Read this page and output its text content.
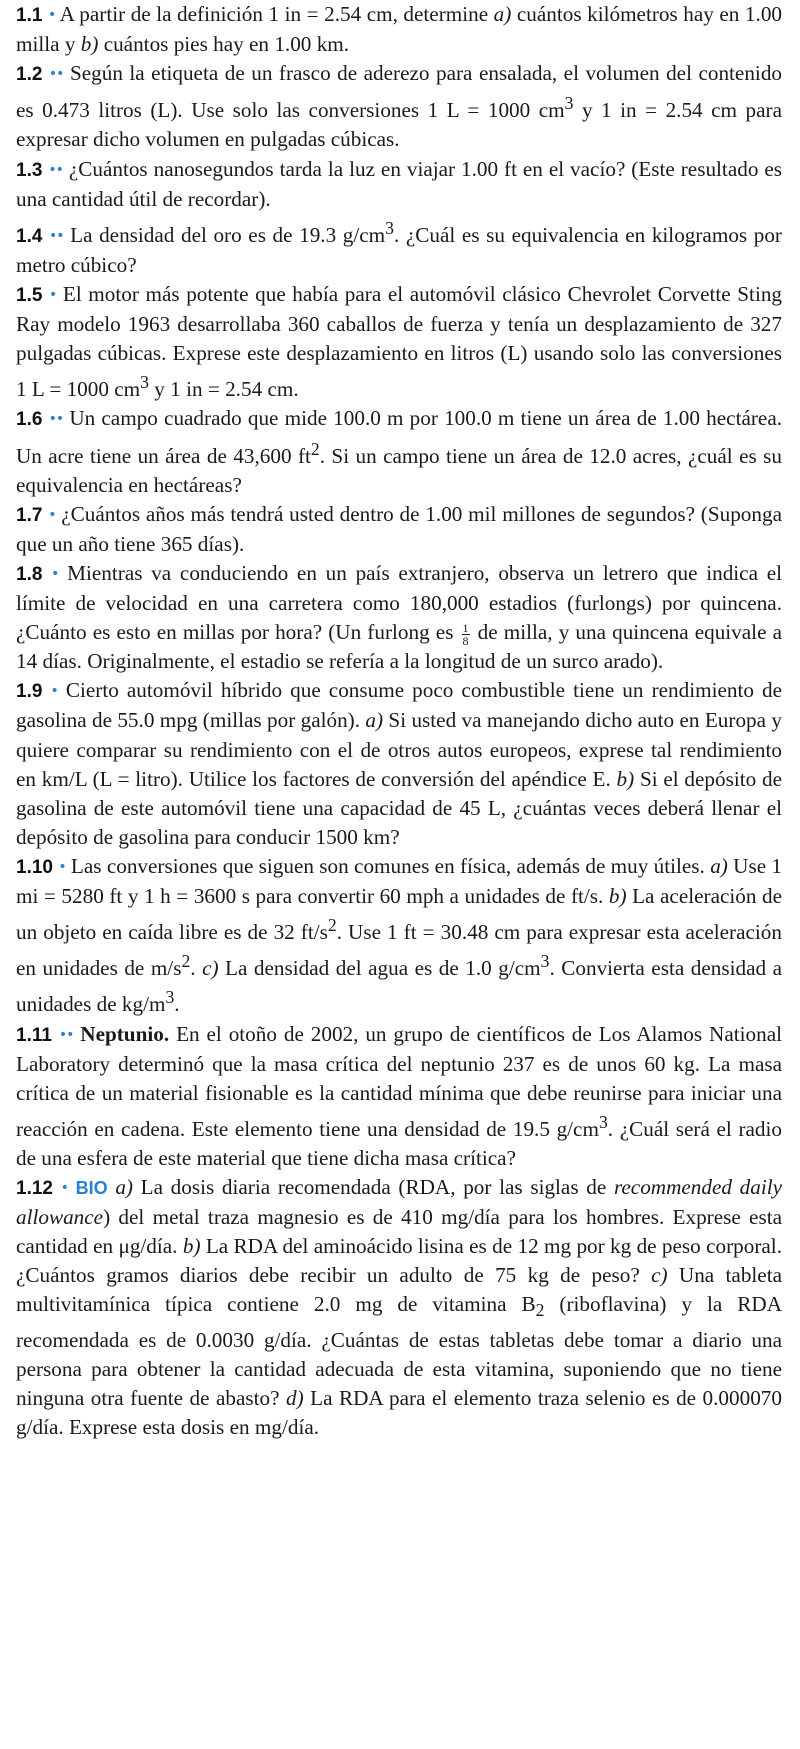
1.1 • A partir de la definición 1 in = 2.54 cm, determine a) cuántos kilómetros hay en 1.00 milla y b) cuántos pies hay en 1.00 km.

1.2 •• Según la etiqueta de un frasco de aderezo para ensalada, el volumen del contenido es 0.473 litros (L). Use solo las conversiones 1 L = 1000 $cm^3$ y 1 in = 2.54 cm para expresar dicho volumen en pulgadas cúbicas.

1.3 •• ¿Cuántos nanosegundos tarda la luz en viajar 1.00 ft en el vacío? (Este resultado es una cantidad útil de recordar).

1.4 •• La densidad del oro es de 19.3 $g/cm^3$. ¿Cuál es su equivalencia en kilogramos por metro cúbico?

1.5 • El motor más potente que había para el automóvil clásico Chevrolet Corvette Sting Ray modelo 1963 desarrollaba 360 caballos de fuerza y tenía un desplazamiento de 327 pulgadas cúbicas. Exprese este desplazamiento en litros (L) usando solo las conversiones 1 L = 1000 $cm^3$ y 1 in = 2.54 cm.

1.6 •• Un campo cuadrado que mide 100.0 m por 100.0 m tiene un área de 1.00 hectárea. Un acre tiene un área de 43,600 $ft^2$. Si un campo tiene un área de 12.0 acres, ¿cuál es su equivalencia en hectáreas?

1.7 • ¿Cuántos años más tendrá usted dentro de 1.00 mil millones de segundos? (Suponga que un año tiene 365 días).

1.8 • Mientras va conduciendo en un país extranjero, observa un letrero que indica el límite de velocidad en una carretera como 180,000 estadios (furlongs) por quincena. ¿Cuánto es esto en millas por hora? (Un furlong es $\frac{1}{8}$ de milla, y una quincena equivale a 14 días. Originalmente, el estadio se refería a la longitud de un surco arado).

1.9 • Cierto automóvil híbrido que consume poco combustible tiene un rendimiento de gasolina de 55.0 mpg (millas por galón). a) Si usted va manejando dicho auto en Europa y quiere comparar su rendimiento con el de otros autos europeos, exprese tal rendimiento en km/L (L = litro). Utilice los factores de conversión del apéndice E. b) Si el depósito de gasolina de este automóvil tiene una capacidad de 45 L, ¿cuántas veces deberá llenar el depósito de gasolina para conducir 1500 km?

1.10 • Las conversiones que siguen son comunes en física, además de muy útiles. a) Use 1 mi = 5280 ft y 1 h = 3600 s para convertir 60 mph a unidades de ft/s. b) La aceleración de un objeto en caída libre es de 32 $ft/s^2$. Use 1 ft = 30.48 cm para expresar esta aceleración en unidades de $m/s^2$. c) La densidad del agua es de 1.0 $g/cm^3$. Convierta esta densidad a unidades de $kg/m^3$.

1.11 •• Neptunio. En el otoño de 2002, un grupo de científicos de Los Alamos National Laboratory determinó que la masa crítica del neptunio 237 es de unos 60 kg. La masa crítica de un material fisionable es la cantidad mínima que debe reunirse para iniciar una reacción en cadena. Este elemento tiene una densidad de 19.5 $g/cm^3$. ¿Cuál será el radio de una esfera de este material que tiene dicha masa crítica?

1.12 • BIO a) La dosis diaria recomendada (RDA, por las siglas de recommended daily allowance) del metal traza magnesio es de 410 mg/día para los hombres. Exprese esta cantidad en μg/día. b) La RDA del aminoácido lisina es de 12 mg por kg de peso corporal. ¿Cuántos gramos diarios debe recibir un adulto de 75 kg de peso? c) Una tableta multivitamínica típica contiene 2.0 mg de vitamina $B_2$ (riboflavina) y la RDA recomendada es de 0.0030 g/día. ¿Cuántas de estas tabletas debe tomar a diario una persona para obtener la cantidad adecuada de esta vitamina, suponiendo que no tiene ninguna otra fuente de abasto? d) La RDA para el elemento traza selenio es de 0.000070 g/día. Exprese esta dosis en mg/día.
